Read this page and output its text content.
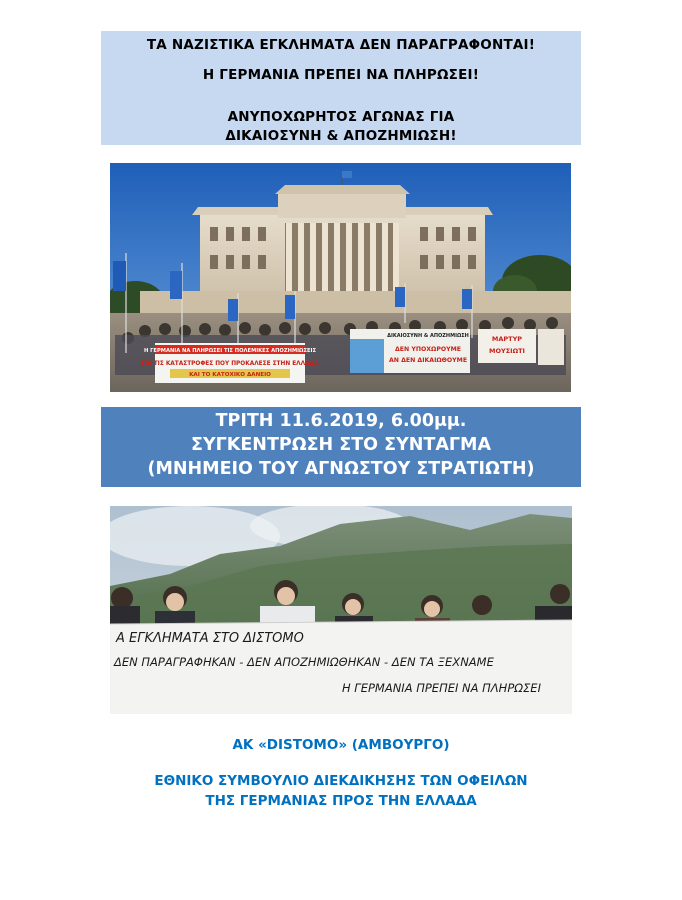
ΤΑ ΝΑΖΙΣΤΙΚΑ ΕΓΚΛΗΜΑΤΑ ΔΕΝ ΠΑΡΑΓΡΑΦΟΝΤΑΙ!
Η ΓΕΡΜΑΝΙΑ ΠΡΕΠΕΙ ΝΑ ΠΛΗΡΩΣΕΙ!
ΑΝΥΠΟΧΩΡΗΤΟΣ ΑΓΩΝΑΣ ΓΙΑ
ΔΙΚΑΙΟΣΥΝΗ & ΑΠΟΖΗΜΙΩΣΗ!
Η ΓΕΡΜΑΝΙΑ ΝΑ ΠΛΗΡΩΣΕΙ ΤΙΣ ΠΟΛΕΜΙΚΕΣ ΑΠΟΖΗΜΙΩΣΕΙΣ
ΓΙΑ ΤΙΣ ΚΑΤΑΣΤΡΟΦΕΣ ΠΟΥ ΠΡΟΚΑΛΕΣΕ ΣΤΗΝ ΕΛΛΑΔΑ
ΚΑΙ ΤΟ ΚΑΤΟΧΙΚΟ ΔΑΝΕΙΟ
ΔΙΚΑΙΟΣΥΝΗ & ΑΠΟΖΗΜΙΩΣΗ
ΔΕΝ ΥΠΟΧΩΡΟΥΜΕ
ΑΝ ΔΕΝ ΔΙΚΑΙΩΘΟΥΜΕ
ΜΑΡΤΥΡ
ΜΟΥΣΙΩΤΙ
ΤΡΙΤΗ 11.6.2019, 6.00μμ.
ΣΥΓΚΕΝΤΡΩΣΗ ΣΤΟ ΣΥΝΤΑΓΜΑ
(ΜΝΗΜΕΙΟ ΤΟΥ ΑΓΝΩΣΤΟΥ ΣΤΡΑΤΙΩΤΗ)
Α ΕΓΚΛΗΜΑΤΑ ΣΤΟ ΔΙΣΤΟΜΟ
ΔΕΝ ΠΑΡΑΓΡΑΦΗΚΑΝ - ΔΕΝ ΑΠΟΖΗΜΙΩΘΗΚΑΝ - ΔΕΝ ΤΑ ΞΕΧΝΑΜΕ
Η ΓΕΡΜΑΝΙΑ ΠΡΕΠΕΙ ΝΑ ΠΛΗΡΩΣΕΙ
ΑΚ «DISTOMO» (ΑΜΒΟΥΡΓΟ)
ΕΘΝΙΚΟ ΣΥΜΒΟΥΛΙΟ ΔΙΕΚΔΙΚΗΣΗΣ ΤΩΝ ΟΦΕΙΛΩΝ
ΤΗΣ ΓΕΡΜΑΝΙΑΣ ΠΡΟΣ ΤΗΝ ΕΛΛΑΔΑ
